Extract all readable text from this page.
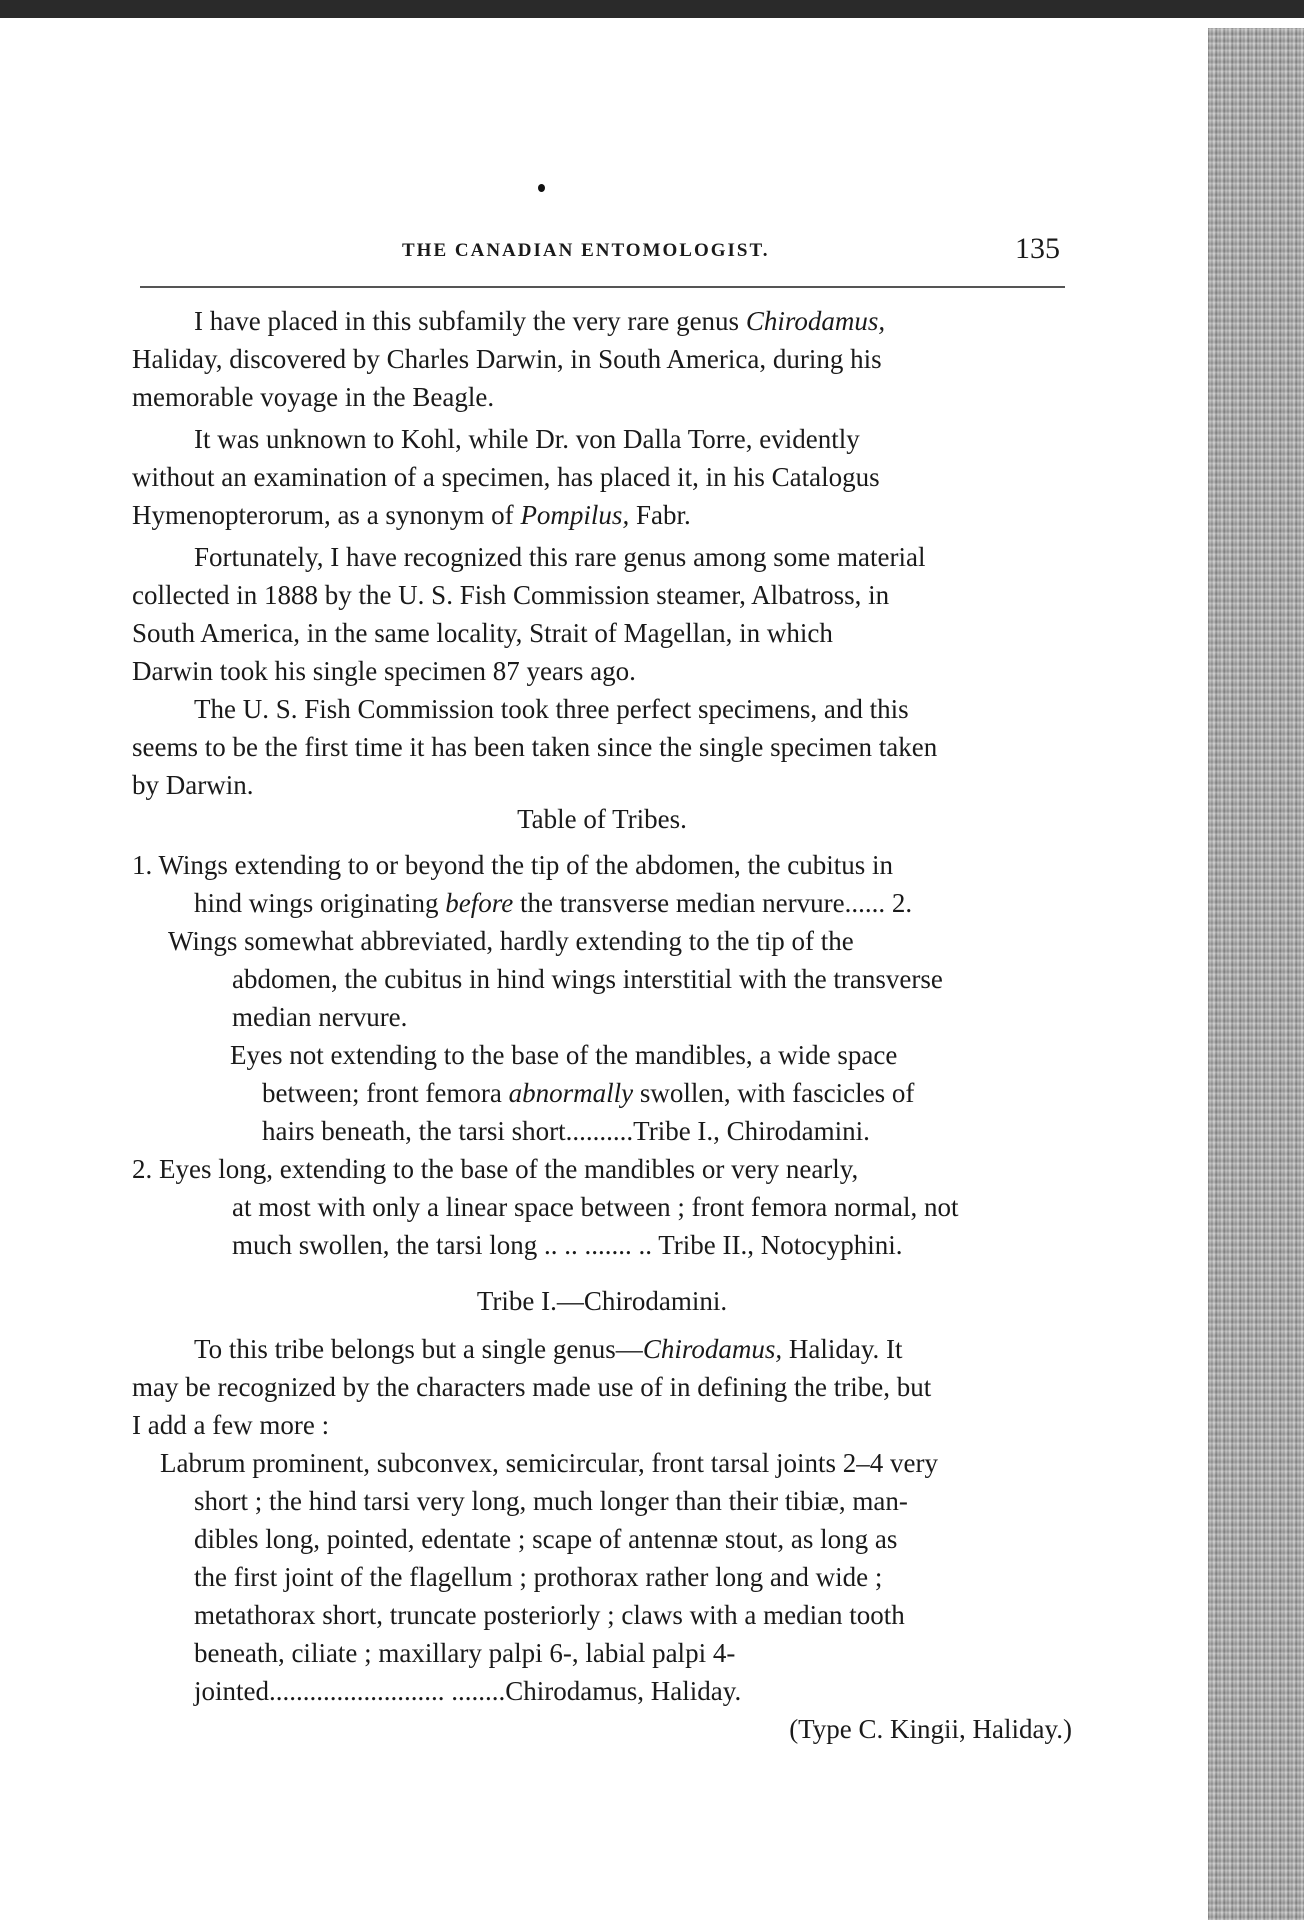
THE CANADIAN ENTOMOLOGIST.	135
I have placed in this subfamily the very rare genus Chirodamus,
Haliday, discovered by Charles Darwin, in South America, during his
memorable voyage in the Beagle.
It was unknown to Kohl, while Dr. von Dalla Torre, evidently
without an examination of a specimen, has placed it, in his Catalogus
Hymenopterorum, as a synonym of Pompilus, Fabr.
Fortunately, I have recognized this rare genus among some material
collected in 1888 by the U. S. Fish Commission steamer, Albatross, in
South America, in the same locality, Strait of Magellan, in which
Darwin took his single specimen 87 years ago.
The U. S. Fish Commission took three perfect specimens, and this
seems to be the first time it has been taken since the single specimen taken
by Darwin.
Table of Tribes.
1. Wings extending to or beyond the tip of the abdomen, the cubitus in
hind wings originating before the transverse median nervure...... 2.
Wings somewhat abbreviated, hardly extending to the tip of the
abdomen, the cubitus in hind wings interstitial with the transverse
median nervure.
Eyes not extending to the base of the mandibles, a wide space
between; front femora abnormally swollen, with fascicles of
hairs beneath, the tarsi short..........Tribe I., Chirodamini.
2. Eyes long, extending to the base of the mandibles or very nearly,
at most with only a linear space between ; front femora normal, not
much swollen, the tarsi long .. .. ....... .. Tribe II., Notocyphini.
Tribe I.—Chirodamini.
To this tribe belongs but a single genus—Chirodamus, Haliday. It
may be recognized by the characters made use of in defining the tribe, but
I add a few more :
Labrum prominent, subconvex, semicircular, front tarsal joints 2–4 very
short ; the hind tarsi very long, much longer than their tibiæ, man-
dibles long, pointed, edentate ; scape of antennæ stout, as long as
the first joint of the flagellum ; prothorax rather long and wide ;
metathorax short, truncate posteriorly ; claws with a median tooth
beneath, ciliate ; maxillary palpi 6-, labial palpi 4-
jointed.......................... ........Chirodamus, Haliday.
(Type C. Kingii, Haliday.)
